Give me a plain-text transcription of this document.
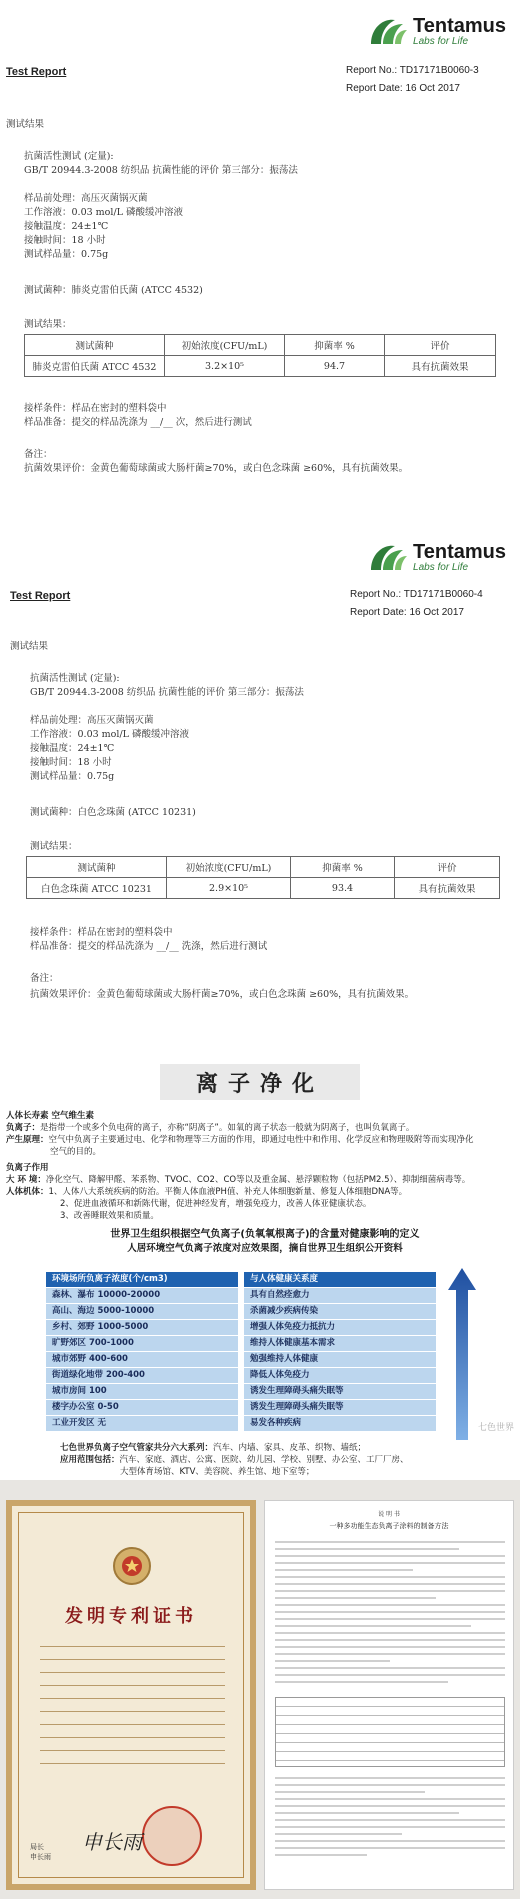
Tentamus
Labs for Life
Test Report	Report No.: TD17171B0060-3
Report Date: 16 Oct 2017
测试结果
抗菌活性测试 (定量):
GB/T 20944.3-2008 纺织品 抗菌性能的评价 第三部分：振荡法
样品前处理：高压灭菌锅灭菌
工作溶液：0.03 mol/L 磷酸缓冲溶液
接触温度：24±1℃
接触时间：18 小时
测试样品量：0.75g
测试菌种：肺炎克雷伯氏菌 (ATCC 4532)
测试结果：
测试菌种	初始浓度(CFU/mL)	抑菌率 %	评价
肺炎克雷伯氏菌 ATCC 4532	3.2×10⁵	94.7	具有抗菌效果
接样条件：样品在密封的塑料袋中
样品准备：提交的样品洗涤为 __/__ 次，然后进行测试
备注：
抗菌效果评价：金黄色葡萄球菌或大肠杆菌≥70%，或白色念珠菌 ≥60%，具有抗菌效果。
Tentamus
Labs for Life
Test Report	Report No.: TD17171B0060-4
Report Date: 16 Oct 2017
测试结果
抗菌活性测试 (定量):
GB/T 20944.3-2008 纺织品 抗菌性能的评价 第三部分：振荡法
样品前处理：高压灭菌锅灭菌
工作溶液：0.03 mol/L 磷酸缓冲溶液
接触温度：24±1℃
接触时间：18 小时
测试样品量：0.75g
测试菌种：白色念珠菌 (ATCC 10231)
测试结果：
测试菌种	初始浓度(CFU/mL)	抑菌率 %	评价
白色念珠菌 ATCC 10231	2.9×10⁵	93.4	具有抗菌效果
接样条件：样品在密封的塑料袋中
样品准备：提交的样品洗涤为 __/__ 洗涤，然后进行测试
备注：
抗菌效果评价：金黄色葡萄球菌或大肠杆菌≥70%，或白色念珠菌 ≥60%，具有抗菌效果。
离子净化
人体长寿素 空气维生素
负离子：是指带一个或多个负电荷的离子，亦称“阴离子”。如氧的离子状态一般就为阴离子，也叫负氧离子。
产生原理：空气中负离子主要通过电、化学和物理等三方面的作用，即通过电性中和作用、化学反应和物理吸附等而实现净化
空气的目的。
负离子作用
大 环 境：净化空气、降解甲醛、苯系物、TVOC、CO2、CO等以及重金属、悬浮颗粒物（包括PM2.5）、抑制细菌病毒等。
人体机体：1、人体八大系统疾病的防治。平衡人体血液PH值、补充人体细胞新量、修复人体细胞DNA等。
2、促进血液循环和新陈代谢，促进神经发育，增强免疫力，改善人体亚健康状态。
3、改善睡眠效果和质量。
世界卫生组织根据空气负离子(负氧氧根离子)的含量对健康影响的定义
人居环境空气负离子浓度对应效果图，摘自世界卫生组织公开资料
环境场所负离子浓度(个/cm3)	与人体健康关系度
森林、瀑布 10000-20000	具有自然痊愈力
高山、海边 5000-10000	杀菌减少疾病传染
乡村、郊野 1000-5000	增强人体免疫力抵抗力
旷野郊区 700-1000	维持人体健康基本需求
城市郊野 400-600	勉强维持人体健康
街道绿化地带 200-400	降低人体免疫力
城市房间 100	诱发生理障碍头痛失眠等
楼字办公室 0-50	诱发生理障碍头痛失眠等
工业开发区 无	易发各种疾病
七色世界负离子空气管家共分六大系列：汽车、内墙、家具、皮革、织物、墙纸；
应用范围包括：汽车、家庭、酒店、公寓、医院、幼儿园、学校、别墅、办公室、工厂厂房、
大型体育场馆、KTV、美容院、养生馆、地下室等；
七色世界
发明专利证书
申长雨
局长
申长雨
说 明 书
一种多功能生态负离子涂料的制备方法
